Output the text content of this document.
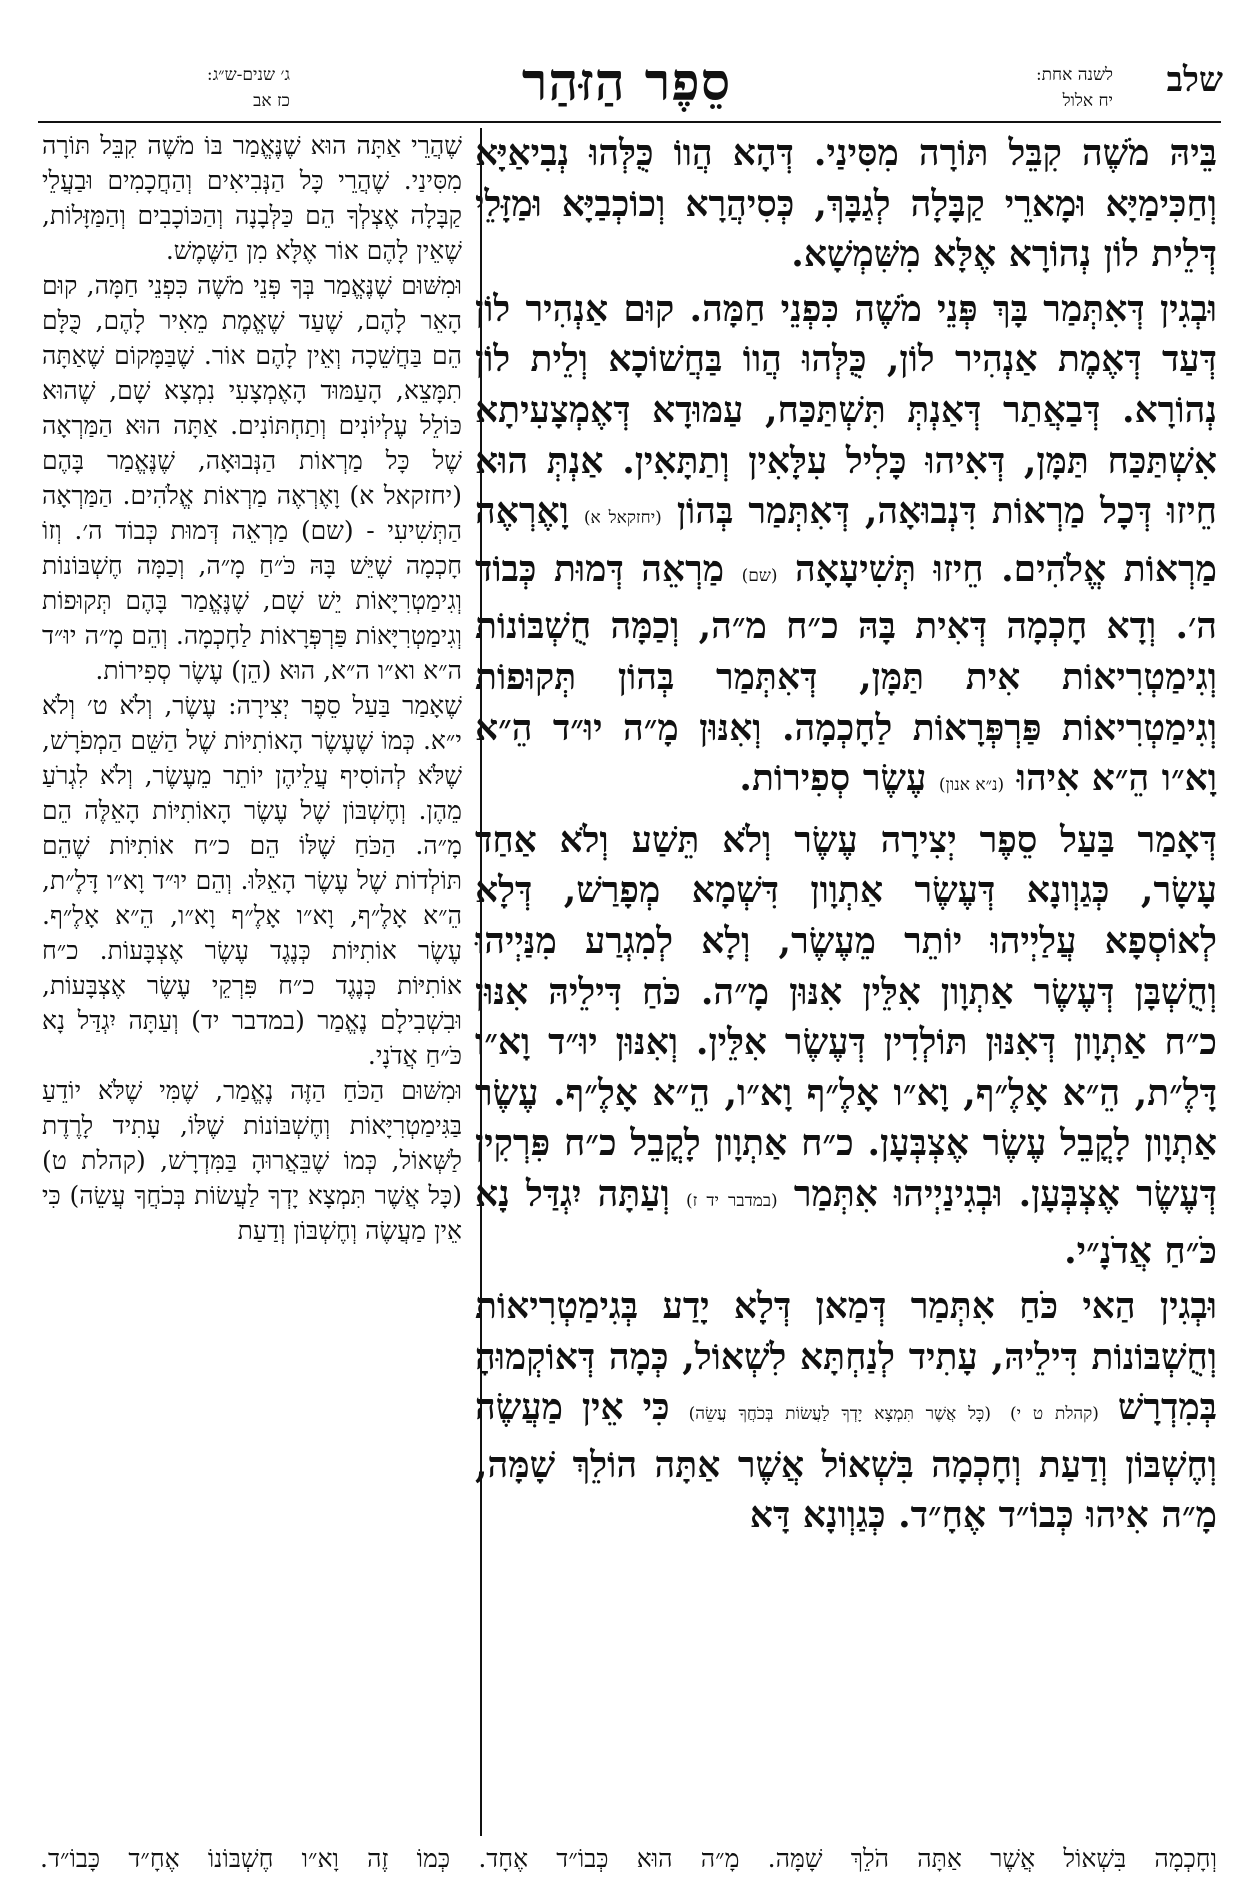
שלב
לשנה אחת:
יח אלול
סֵפֶר הַזּהַר
ג׳ שנים-ש״ג:
כז אב

בֵּיהּ מֹשֶׁה קִבֵּל תּוֹרָה מִסִּינַי. דְּהָא הֲווֹ כֻּלְּהוּ נְבִיאַיָּא וְחַכִּימַיָּא וּמָארֵי קַבָּלָה לְגַבָּךְ, כְּסִיהֲרָא וְכוֹכְבַיָּא וּמַזָּלֵי דְּלֵית לוֹן נְהוֹרָא אֶלָּא מִשִּׁמְשָׁא.

וּבְגִין דְּאִתְּמַר בָּךְ פְּנֵי מֹשֶׁה כִּפְנֵי חַמָּה. קוּם אַנְהִיר לוֹן דְּעַד דְּאֶמֶת אַנְהִיר לוֹן, כֻּלְּהוּ הֲווֹ בַּחֲשׁוֹכָא וְלֵית לוֹן נְהוֹרָא. דְּבַאֲתַר דְּאַנְתְּ תִּשְׁתַּכַּח, עַמּוּדָא דְּאֶמְצָעִיתָא אִשְׁתַּכַּח תַּמָּן, דְּאִיהוּ כָּלִיל עִלָּאִין וְתַתָּאִין. אַנְתְּ הוּא חֵיזוּ דְּכָל מַרְאוֹת דִּנְבוּאָה, דְּאִתְּמַר בְּהוֹן (יחזקאל א) וָאֶרְאֶה מַרְאוֹת אֱלֹהִים. חֵיזוּ תְּשִׁיעָאָה (שם) מַרְאֵה דְּמוּת כְּבוֹד ה׳. וְדָא חָכְמָה דְּאִית בָּהּ כ״ח מ״ה, וְכַמָּה חֻשְׁבּוֹנוֹת וְגִימַטְרִיאוֹת אִית תַּמָּן, דְּאִתְּמַר בְּהוֹן תְּקוּפוֹת וְגִימַטְרִיאוֹת פַּרְפְּרָאוֹת לַחָכְמָה. וְאִנּוּן מָ״ה יוּ״ד הֵ״א וָא״ו הֵ״א אִיהוּ (נ״א אנון) עֶשֶׂר סְפִירוֹת.

דְּאָמַר בַּעַל סֵפֶר יְצִירָה עֶשֶׂר וְלֹא תֵּשַׁע וְלֹא אַחַד עָשָׂר, כְּגַוְונָא דְּעֶשֶׂר אַתְוָון דִּשְׁמָא מְפָרַשׁ, דְּלָא לְאוֹסְפָא עֲלַיְיהוּ יוֹתֵר מֵעֶשֶׂר, וְלָא לְמִגְרַע מִנַּיְיהוּ וְחֻשְׁבָּן דְּעֶשֶׂר אַתְוָון אִלֵּין אִנּוּן מָ״ה. כֹּחַ דִּילֵיהּ אִנּוּן כ״ח אַתְוָון דְּאִנּוּן תּוֹלְדִין דְּעֶשֶׂר אִלֵּין. וְאִנּוּן יוּ״ד וָא״ו דָּלֶ״ת, הֵ״א אָלֶ״ף, וָא״ו אָלֶ״ף וָא״ו, הֵ״א אָלֶ״ף. עֶשֶׂר אַתְוָון לָקֳבֵל עֶשֶׂר אֶצְבְּעָן. כ״ח אַתְוָון לָקֳבֵל כ״ח פִּרְקִין דְּעֶשֶׂר אֶצְבְּעָן. וּבְגִינַיְיהוּ אִתְּמַר (במדבר יד ז) וְעַתָּה יִגְדַּל נָא כֹּ״חַ אֲדֹנָ״י.

וּבְגִין הַאי כֹּחַ אִתְּמַר דְּמַאן דְּלָא יָדַע בְּגִימַטְרִיאוֹת וְחֻשְׁבּוֹנוֹת דִּילֵיהּ, עָתִיד לְנַחְתָּא לִשְׁאוֹל, כְּמָה דְּאוֹקְמוּהָ בְּמִדְרָשׁ (קהלת ט י) (כָּל אֲשֶׁר תִּמְצָא יָדְךָ לַעֲשׂוֹת בְּכֹחֲךָ עֲשֵׂה) כִּי אֵין מַעֲשֶׂה וְחֶשְׁבּוֹן וְדַעַת וְחָכְמָה בִּשְׁאוֹל אֲשֶׁר אַתָּה הוֹלֵךְ שָׁמָּה, מָ״ה אִיהוּ כְּבוֹ״ד אֶחָ״ד. כְּגַוְונָא דָּא

שֶׁהֲרֵי אַתָּה הוּא שֶׁנֶּאֱמַר בּוֹ מֹשֶׁה קִבֵּל תּוֹרָה מִסִּינַי. שֶׁהֲרֵי כָּל הַנְּבִיאִים וְהַחֲכָמִים וּבַעֲלֵי קַבָּלָה אֶצְלְךָ הֵם כַּלְּבָנָה וְהַכּוֹכָבִים וְהַמַּזָּלוֹת, שֶׁאֵין לָהֶם אוֹר אֶלָּא מִן הַשֶּׁמֶשׁ.

וּמִשּׁוּם שֶׁנֶּאֱמַר בְּךָ פְּנֵי מֹשֶׁה כִּפְנֵי חַמָּה, קוּם הָאֵר לָהֶם, שֶׁעַד שֶׁאֱמֶת מֵאִיר לָהֶם, כֻּלָּם הֵם בַּחֲשֵׁכָה וְאֵין לָהֶם אוֹר. שֶׁבַּמָּקוֹם שֶׁאַתָּה תִמָּצֵא, הָעַמּוּד הָאֶמְצָעִי נִמְצָא שָׁם, שֶׁהוּא כּוֹלֵל עֶלְיוֹנִים וְתַחְתּוֹנִים. אַתָּה הוּא הַמַּרְאָה שֶׁל כָּל מַרְאוֹת הַנְּבוּאָה, שֶׁנֶּאֱמַר בָּהֶם (יחזקאל א) וָאֶרְאֶה מַרְאוֹת אֱלֹהִים. הַמַּרְאָה הַתְּשִׁיעִי - (שם) מַרְאֵה דְּמוּת כְּבוֹד ה׳. וְזוֹ חָכְמָה שֶׁיֵּשׁ בָּהּ כֹּ״חַ מָ״ה, וְכַמָּה חֶשְׁבּוֹנוֹת וְגִימַטְרִיָּאוֹת יֵשׁ שָׁם, שֶׁנֶּאֱמַר בָּהֶם תְּקוּפוֹת וְגִימַטְרִיָּאוֹת פַּרְפְּרָאוֹת לַחָכְמָה. וְהֵם מָ״ה יוּ״ד ה״א וא״ו ה״א, הוּא (הֵן) עֶשֶׂר סְפִירוֹת.

שֶׁאָמַר בַּעַל סֵפֶר יְצִירָה: עֶשֶׂר, וְלֹא ט׳ וְלֹא י״א. כְּמוֹ שֶׁעֶשֶׂר הָאוֹתִיּוֹת שֶׁל הַשֵּׁם הַמְפֹרָשׁ, שֶׁלֹּא לְהוֹסִיף עֲלֵיהֶן יוֹתֵר מֵעֶשֶׂר, וְלֹא לִגְרֹעַ מֵהֶן. וְחֶשְׁבּוֹן שֶׁל עֶשֶׂר הָאוֹתִיּוֹת הָאֵלֶּה הֵם מָ״ה. הַכֹּחַ שֶׁלּוֹ הֵם כ״ח אוֹתִיּוֹת שֶׁהֵם תּוֹלְדוֹת שֶׁל עֶשֶׂר הָאֵלּוּ. וְהֵם יוּ״ד וָא״ו דָּלֶ״ת, הֵ״א אָלֶ״ף, וָא״ו אָלֶ״ף וָא״ו, הֵ״א אָלֶ״ף. עֶשֶׂר אוֹתִיּוֹת כְּנֶגֶד עֶשֶׂר אֶצְבָּעוֹת. כ״ח אוֹתִיּוֹת כְּנֶגֶד כ״ח פִּרְקֵי עֶשֶׂר אֶצְבָּעוֹת, וּבִשְׁבִילָם נֶאֱמַר (במדבר יד) וְעַתָּה יִגְדַּל נָא כֹּ״חַ אֲדֹנָי.

וּמִשּׁוּם הַכֹּחַ הַזֶּה נֶאֱמַר, שֶׁמִּי שֶׁלֹּא יוֹדֵעַ בַּגִּימַטְרִיָּאוֹת וְחֶשְׁבּוֹנוֹת שֶׁלּוֹ, עָתִיד לָרֶדֶת לַשְּׁאוֹל, כְּמוֹ שֶׁבֵּאֲרוּהָ בַּמִּדְרָשׁ, (קהלת ט) (כָּל אֲשֶׁר תִּמְצָא יָדְךָ לַעֲשׂוֹת בְּכֹחֲךָ עֲשֵׂה) כִּי אֵין מַעֲשֶׂה וְחֶשְׁבּוֹן וְדַעַת

וְחָכְמָה בִּשְׁאוֹל אֲשֶׁר אַתָּה הֹלֵךְ שָׁמָּה. מָ״ה הוּא כְּבוֹ״ד אֶחָד. כְּמוֹ זֶה וָא״ו חֶשְׁבּוֹנוֹ אֶחָ״ד כָּבוֹ״ד.
